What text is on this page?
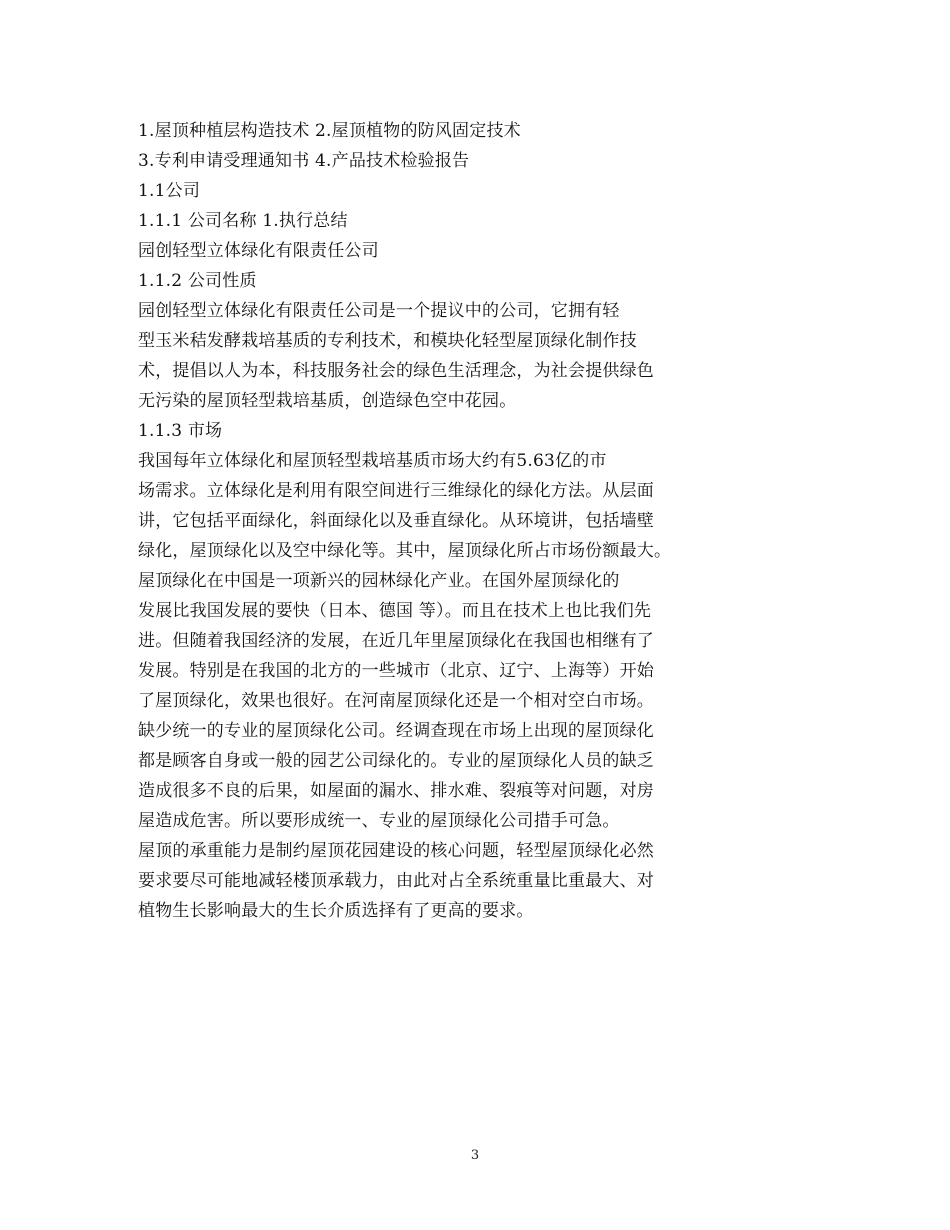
1.屋顶种植层构造技术 2.屋顶植物的防风固定技术
3.专利申请受理通知书 4.产品技术检验报告
1.1公司
1.1.1 公司名称 1.执行总结
园创轻型立体绿化有限责任公司
1.1.2 公司性质
园创轻型立体绿化有限责任公司是一个提议中的公司，它拥有轻
型玉米秸发酵栽培基质的专利技术，和模块化轻型屋顶绿化制作技
术，提倡以人为本，科技服务社会的绿色生活理念，为社会提供绿色
无污染的屋顶轻型栽培基质，创造绿色空中花园。
1.1.3 市场
我国每年立体绿化和屋顶轻型栽培基质市场大约有5.63亿的市
场需求。立体绿化是利用有限空间进行三维绿化的绿化方法。从层面
讲，它包括平面绿化，斜面绿化以及垂直绿化。从环境讲，包括墙壁
绿化，屋顶绿化以及空中绿化等。其中，屋顶绿化所占市场份额最大。
屋顶绿化在中国是一项新兴的园林绿化产业。在国外屋顶绿化的
发展比我国发展的要快（日本、德国 等）。而且在技术上也比我们先
进。但随着我国经济的发展，在近几年里屋顶绿化在我国也相继有了
发展。特别是在我国的北方的一些城市（北京、辽宁、上海等）开始
了屋顶绿化，效果也很好。在河南屋顶绿化还是一个相对空白市场。
缺少统一的专业的屋顶绿化公司。经调查现在市场上出现的屋顶绿化
都是顾客自身或一般的园艺公司绿化的。专业的屋顶绿化人员的缺乏
造成很多不良的后果，如屋面的漏水、排水难、裂痕等对问题，对房
屋造成危害。所以要形成统一、专业的屋顶绿化公司措手可急。
屋顶的承重能力是制约屋顶花园建设的核心问题，轻型屋顶绿化必然
要求要尽可能地减轻楼顶承载力，由此对占全系统重量比重最大、对
植物生长影响最大的生长介质选择有了更高的要求。
3
